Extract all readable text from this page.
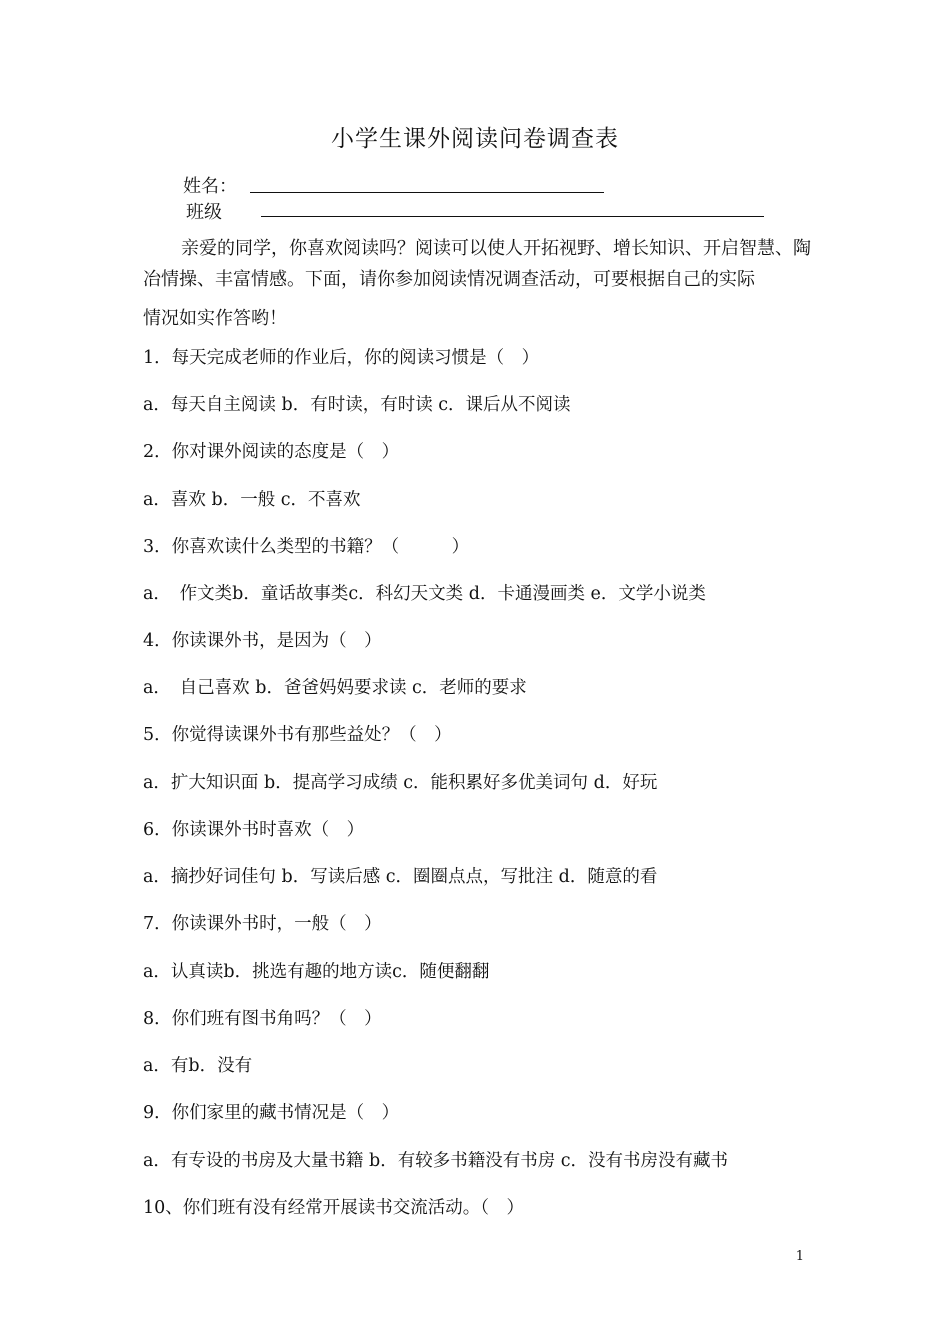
小学生课外阅读问卷调查表
姓名：
班级
亲爱的同学，你喜欢阅读吗？阅读可以使人开拓视野、增长知识、开启智慧、陶冶情操、丰富情感。下面，请你参加阅读情况调查活动，可要根据自己的实际
情况如实作答哟！
1．每天完成老师的作业后，你的阅读习惯是（　）
a．每天自主阅读 b．有时读，有时读 c．课后从不阅读
2．你对课外阅读的态度是（　）
a．喜欢 b．一般 c．不喜欢
3．你喜欢读什么类型的书籍？（　　　）
a．　作文类b．童话故事类c．科幻天文类 d．卡通漫画类 e．文学小说类
4．你读课外书，是因为（　）
a．　自己喜欢 b．爸爸妈妈要求读 c．老师的要求
5．你觉得读课外书有那些益处？（　）
a．扩大知识面 b．提高学习成绩 c．能积累好多优美词句 d．好玩
6．你读课外书时喜欢（　）
a．摘抄好词佳句 b．写读后感 c．圈圈点点，写批注 d．随意的看
7．你读课外书时，一般（　）
a．认真读b．挑选有趣的地方读c．随便翻翻
8．你们班有图书角吗？（　）
a．有b．没有
9．你们家里的藏书情况是（　）
a．有专设的书房及大量书籍 b．有较多书籍没有书房 c．没有书房没有藏书
10、你们班有没有经常开展读书交流活动。（　）
1
